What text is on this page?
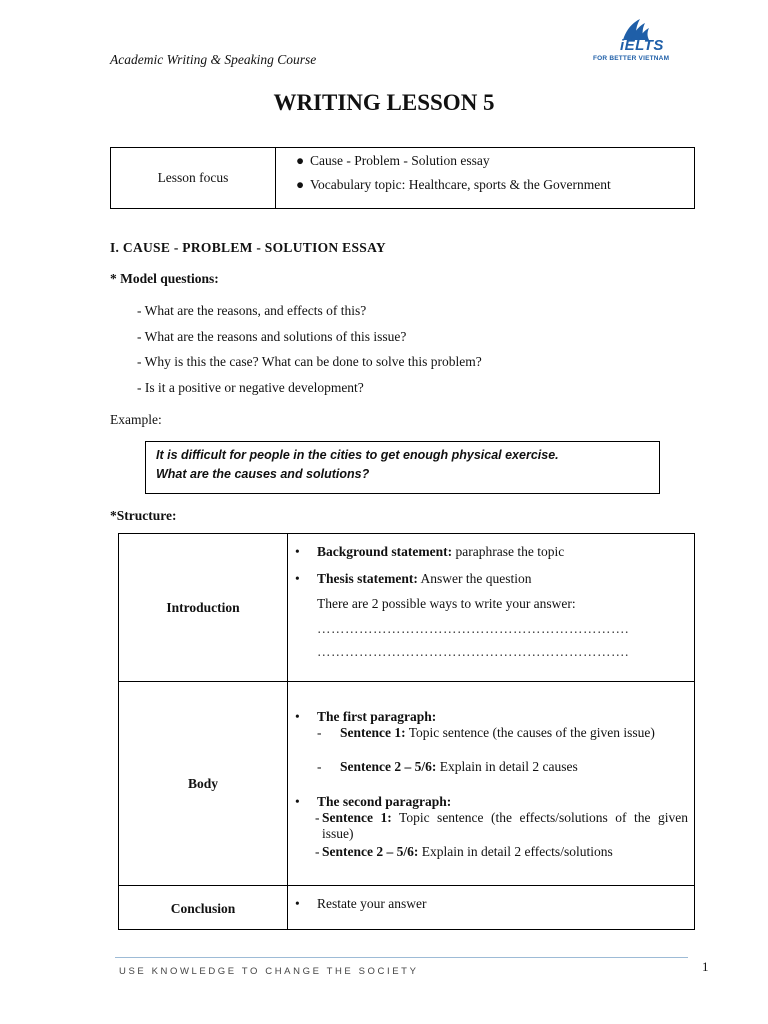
Academic Writing & Speaking Course
iELTS
FOR BETTER VIETNAM
WRITING LESSON 5
Lesson focus
● Cause - Problem - Solution essay
● Vocabulary topic: Healthcare, sports & the Government
I. CAUSE - PROBLEM - SOLUTION ESSAY
* Model questions:
- What are the reasons, and effects of this?
- What are the reasons and solutions of this issue?
- Why is this the case? What can be done to solve this problem?
- Is it a positive or negative development?
Example:
It is difficult for people in the cities to get enough physical exercise.
What are the causes and solutions?
*Structure:
Introduction
• Background statement: paraphrase the topic
• Thesis statement: Answer the question
There are 2 possible ways to write your answer:
………………………………………………………….
………………………………………………………….
Body
• The first paragraph:
- Sentence 1: Topic sentence (the causes of the given issue)
- Sentence 2 – 5/6: Explain in detail 2 causes
• The second paragraph:
- Sentence 1: Topic sentence (the effects/solutions of the given issue)
- Sentence 2 – 5/6: Explain in detail 2 effects/solutions
Conclusion	• Restate your answer
USE KNOWLEDGE TO CHANGE THE SOCIETY	1
